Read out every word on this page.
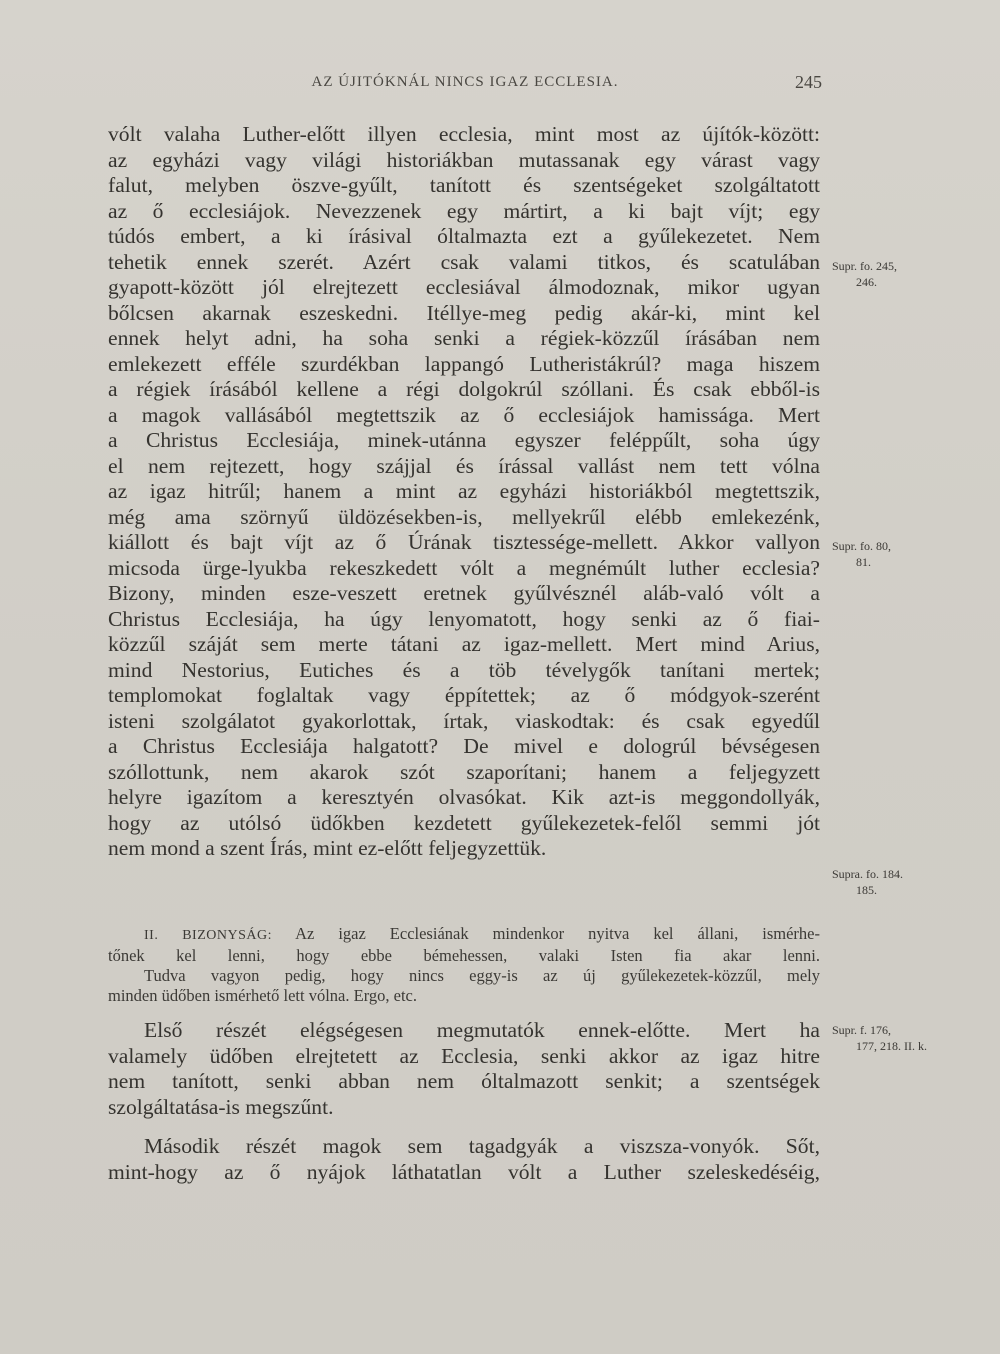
AZ ÚJITÓKNÁL NINCS IGAZ ECCLESIA.	245

vólt valaha Luther-előtt illyen ecclesia, mint most az újítók-között:

az egyházi vagy világi historiákban mutassanak egy várast vagy

falut, melyben öszve-gyűlt, tanított és szentségeket szolgáltatott

az ő ecclesiájok. Nevezzenek egy mártirt, a ki bajt víjt; egy

túdós embert, a ki írásival óltalmazta ezt a gyűlekezetet. Nem

tehetik ennek szerét. Azért csak valami titkos, és scatulában

gyapott-között jól elrejtezett ecclesiával álmodoznak, mikor ugyan

bőlcsen akarnak eszeskedni. Itéllye-meg pedig akár-ki, mint kel

ennek helyt adni, ha soha senki a régiek-közzűl írásában nem

emlekezett efféle szurdékban lappangó Lutheristákrúl? maga hiszem

a régiek írásából kellene a régi dolgokrúl szóllani. És csak ebből-is

a magok vallásából megtettszik az ő ecclesiájok hamissága. Mert

a Christus Ecclesiája, minek-utánna egyszer feléppűlt, soha úgy

el nem rejtezett, hogy szájjal és írással vallást nem tett vólna

az igaz hitrűl; hanem a mint az egyházi historiákból megtettszik,

még ama szörnyű üldözésekben-is, mellyekrűl elébb emlekezénk,

kiállott és bajt víjt az ő Úrának tisztessége-mellett. Akkor vallyon

micsoda ürge-lyukba rekeszkedett vólt a megnémúlt luther ecclesia?

Bizony, minden esze-veszett eretnek gyűlvésznél aláb-való vólt a

Christus Ecclesiája, ha úgy lenyomatott, hogy senki az ő fiai-

közzűl száját sem merte tátani az igaz-mellett. Mert mind Arius,

mind Nestorius, Eutiches és a töb tévelygők tanítani mertek;

templomokat foglaltak vagy éppítettek; az ő módgyok-szerént

isteni szolgálatot gyakorlottak, írtak, viaskodtak: és csak egyedűl

a Christus Ecclesiája halgatott? De mivel e dologrúl bévségesen

szóllottunk, nem akarok szót szaporítani; hanem a feljegyzett

helyre igazítom a keresztyén olvasókat. Kik azt-is meggondollyák,

hogy az utólsó üdőkben kezdetett gyűlekezetek-felől semmi jót

nem mond a szent Írás, mint ez-előtt feljegyzettük.

II. BIZONYSÁG: Az igaz Ecclesiának mindenkor nyitva kel állani, ismérhe-

tőnek kel lenni, hogy ebbe bémehessen, valaki Isten fia akar lenni.

Tudva vagyon pedig, hogy nincs eggy-is az új gyűlekezetek-közzűl, mely

minden üdőben ismérhető lett vólna. Ergo, etc.

Első részét elégségesen megmutatók ennek-előtte. Mert ha

valamely üdőben elrejtetett az Ecclesia, senki akkor az igaz hitre

nem tanított, senki abban nem óltalmazott senkit; a szentségek

szolgáltatása-is megszűnt.

Második részét magok sem tagadgyák a viszsza-vonyók. Sőt,

mint-hogy az ő nyájok láthatatlan vólt a Luther szeleskedéséig,

Supr. fo. 245,
246.
Supr. fo. 80,
81.
Supra. fo. 184.
185.
Supr. f. 176,
177, 218. II. k.
